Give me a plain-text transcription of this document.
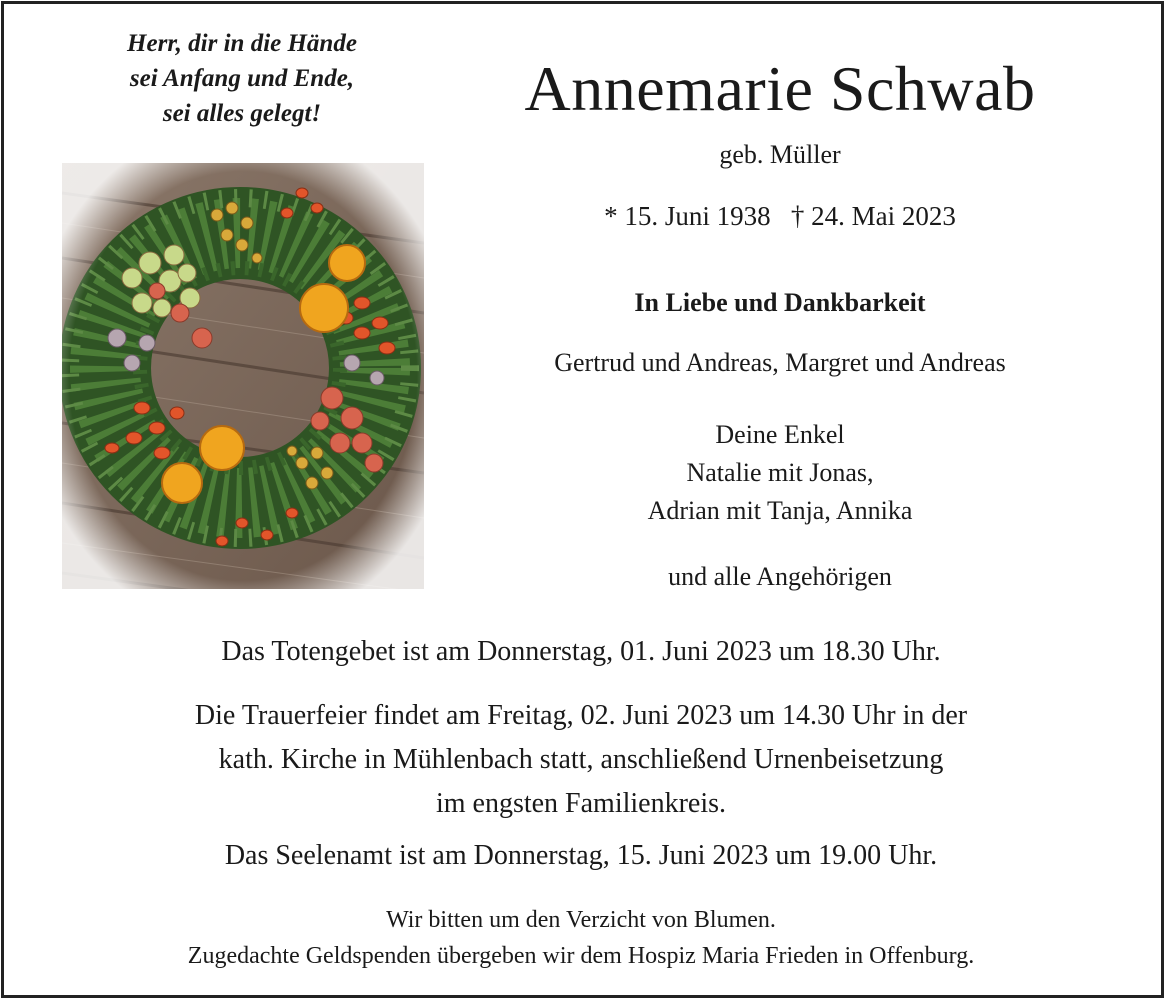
Herr, dir in die Hände
sei Anfang und Ende,
sei alles gelegt!	Annemarie Schwab
geb. Müller
* 15. Juni 1938   † 24. Mai 2023
In Liebe und Dankbarkeit
Gertrud und Andreas, Margret und Andreas
Deine Enkel
Natalie mit Jonas,
Adrian mit Tanja, Annika
und alle Angehörigen
Das Totengebet ist am Donnerstag, 01. Juni 2023 um 18.30 Uhr.
Die Trauerfeier findet am Freitag, 02. Juni 2023 um 14.30 Uhr in der
kath. Kirche in Mühlenbach statt, anschließend Urnenbeisetzung
im engsten Familienkreis.
Das Seelenamt ist am Donnerstag, 15. Juni 2023 um 19.00 Uhr.
Wir bitten um den Verzicht von Blumen.
Zugedachte Geldspenden übergeben wir dem Hospiz Maria Frieden in Offenburg.
